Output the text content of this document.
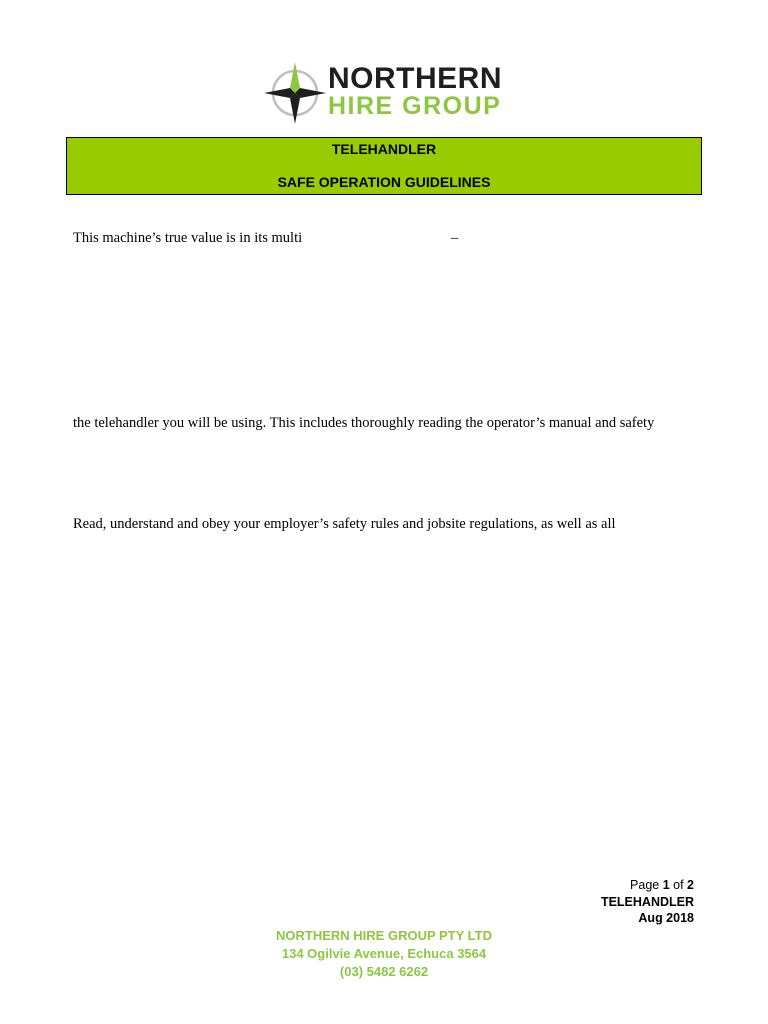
NORTHERN
HIRE GROUP
TELEHANDLER
SAFE OPERATION GUIDELINES
This machine’s true value is in its multi	–
the telehandler you will be using. This includes thoroughly reading the operator’s manual and safety
Read, understand and obey your employer’s safety rules and jobsite regulations, as well as all
Page 1 of 2
TELEHANDLER
Aug 2018
NORTHERN HIRE GROUP PTY LTD
134 Ogilvie Avenue, Echuca 3564
(03) 5482 6262
